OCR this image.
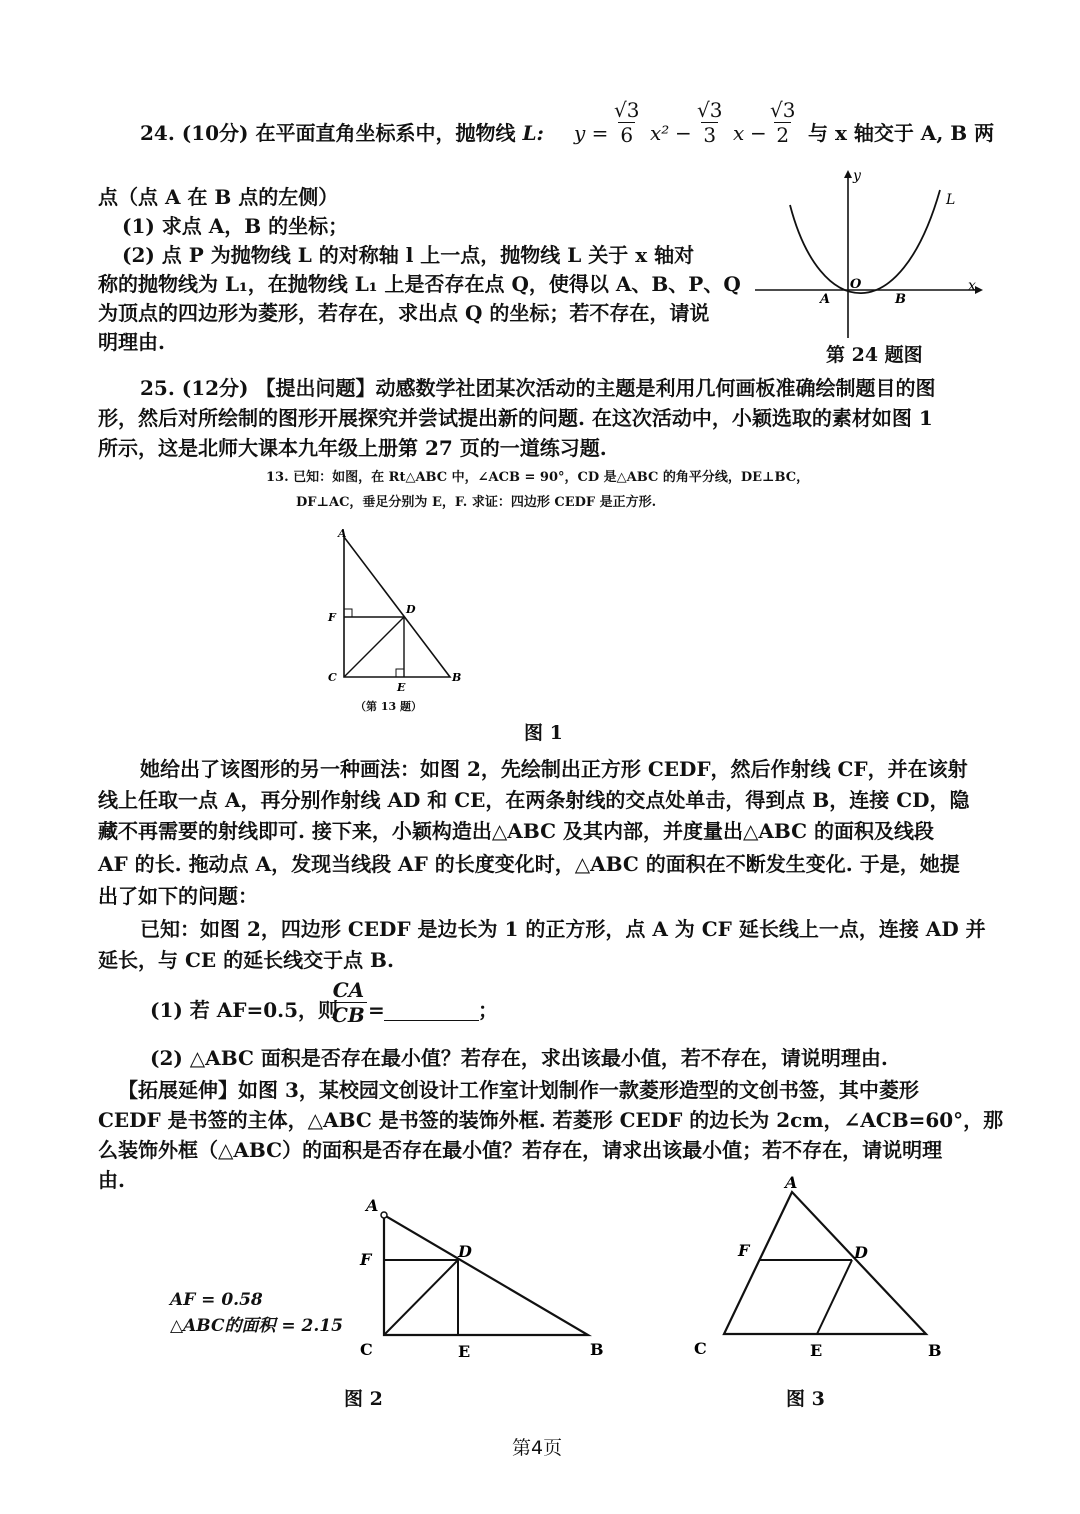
24. (10分) 在平面直角坐标系中，抛物线 L: $y = \frac{√3}{6} x^2 - \frac{√3}{3}$ $x - \frac{√3}{2}$ 与 x 轴交于 A, B 两
点（点 A 在 B 点的左侧）
(1) 求点 A，B 的坐标；
(2) 点 P 为抛物线 L 的对称轴 l 上一点，抛物线 L 关于 x 轴对
称的抛物线为 L₁，在抛物线 L₁ 上是否存在点 Q，使得以 A、B、P、Q
为顶点的四边形为菱形，若存在，求出点 Q 的坐标；若不存在，请说
明理由.
y
x
L
O
A	B
第 24 题图
25. (12分) 【提出问题】动感数学社团某次活动的主题是利用几何画板准确绘制题目的图
形，然后对所绘制的图形开展探究并尝试提出新的问题. 在这次活动中，小颖选取的素材如图 1
所示，这是北师大课本九年级上册第 27 页的一道练习题.
13. 已知：如图，在 Rt△ABC 中，∠ACB = 90°，CD 是△ABC 的角平分线，DE⊥BC，
DF⊥AC，垂足分别为 E，F. 求证：四边形 CEDF 是正方形.
A
F
D
C
E
B
（第 13 题）
图 1
她给出了该图形的另一种画法：如图 2，先绘制出正方形 CEDF，然后作射线 CF，并在该射
线上任取一点 A，再分别作射线 AD 和 CE，在两条射线的交点处单击，得到点 B，连接 CD，隐
藏不再需要的射线即可. 接下来，小颖构造出△ABC 及其内部，并度量出△ABC 的面积及线段
AF 的长. 拖动点 A，发现当线段 AF 的长度变化时，△ABC 的面积在不断发生变化. 于是，她提
出了如下的问题：
已知：如图 2，四边形 CEDF 是边长为 1 的正方形，点 A 为 CF 延长线上一点，连接 AD 并
延长，与 CE 的延长线交于点 B.
(1) 若 AF=0.5，则
$\frac{CA}{CB}$ =	；
(2) △ABC 面积是否存在最小值？若存在，求出该最小值，若不存在，请说明理由.
【拓展延伸】如图 3，某校园文创设计工作室计划制作一款菱形造型的文创书签，其中菱形
CEDF 是书签的主体，△ABC 是书签的装饰外框. 若菱形 CEDF 的边长为 2cm，∠ACB=60°，那
么装饰外框（△ABC）的面积是否存在最小值？若存在，请求出该最小值；若不存在，请说明理
由.
A
F	D
C	E	B
AF = 0.58
△ABC的面积 = 2.15
图 2
A
F	D
C	E	B
图 3
第4页
